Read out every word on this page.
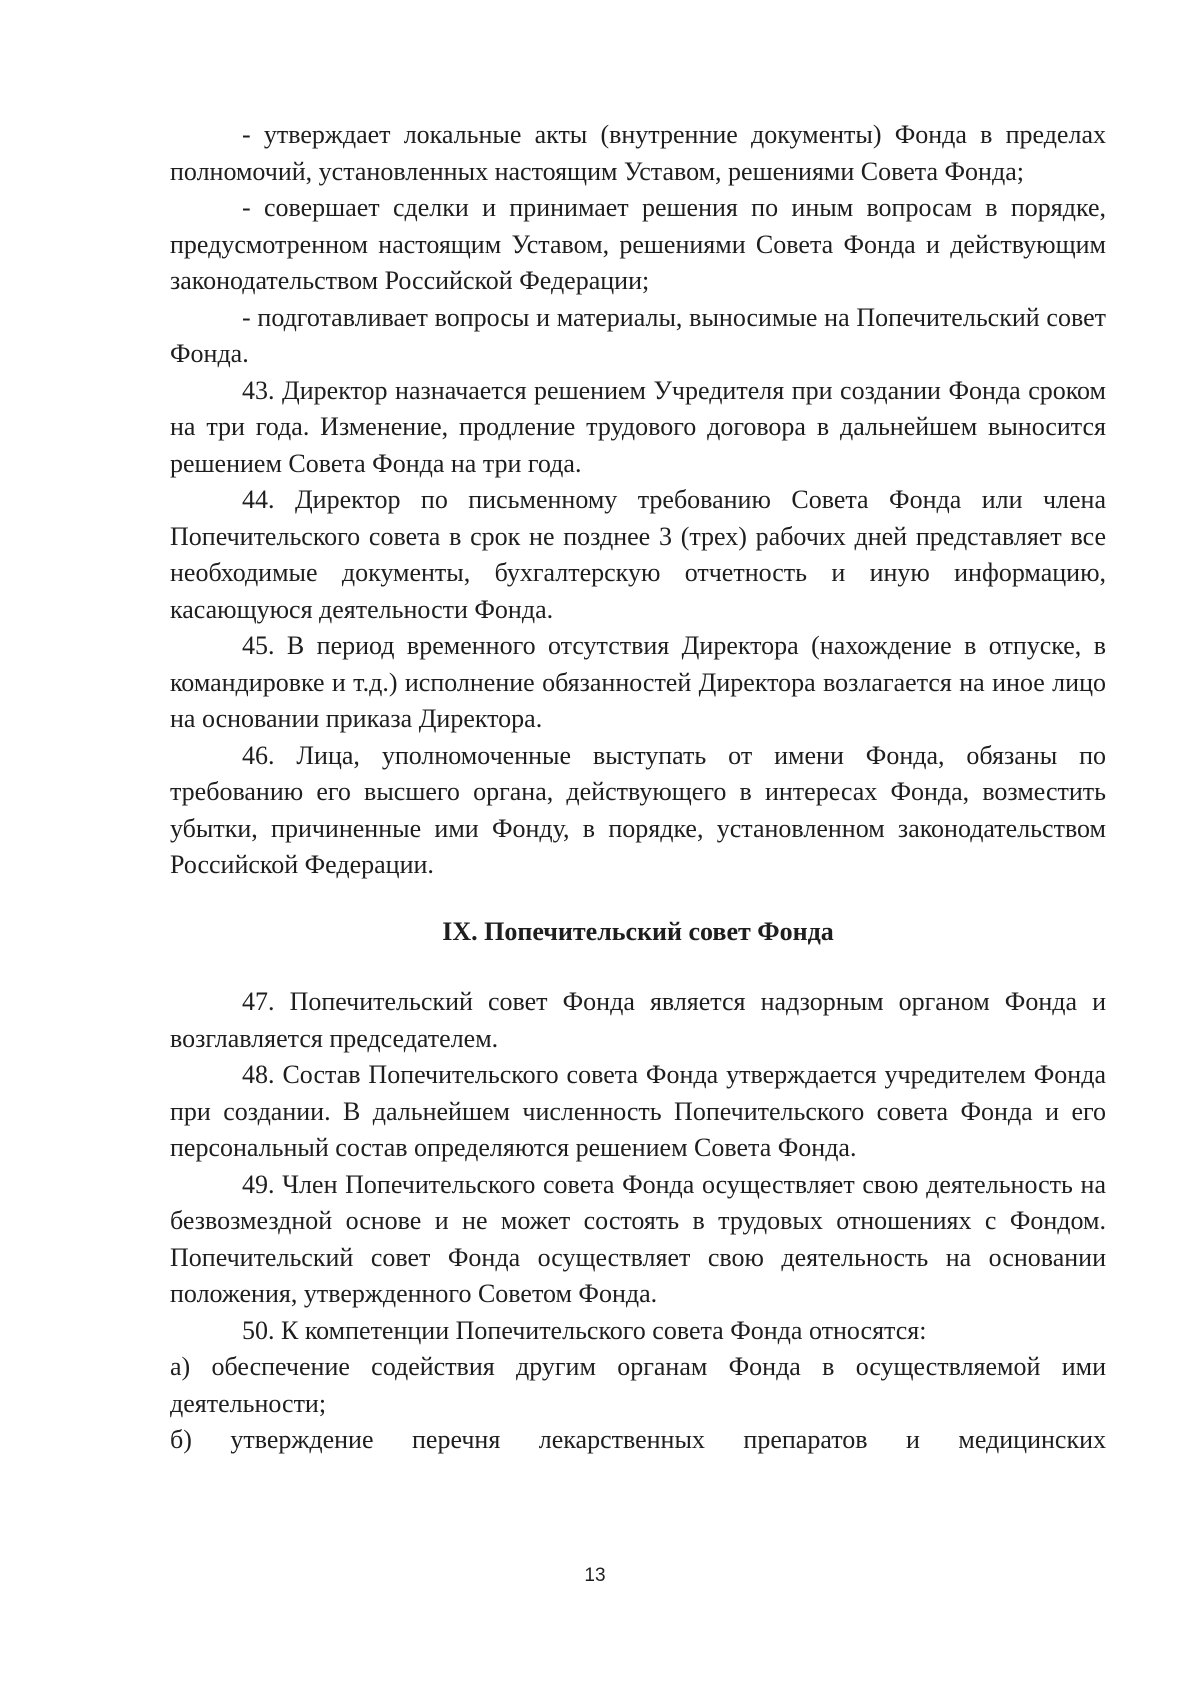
- утверждает локальные акты (внутренние документы) Фонда в пределах полномочий, установленных настоящим Уставом, решениями Совета Фонда;

- совершает сделки и принимает решения по иным вопросам в порядке, предусмотренном настоящим Уставом, решениями Совета Фонда и действующим законодательством Российской Федерации;

- подготавливает вопросы и материалы, выносимые на Попечительский совет Фонда.

43. Директор назначается решением Учредителя при создании Фонда сроком на три года. Изменение, продление трудового договора в дальнейшем выносится решением Совета Фонда на три года.

44. Директор по письменному требованию Совета Фонда или члена Попечительского совета в срок не позднее 3 (трех) рабочих дней представляет все необходимые документы, бухгалтерскую отчетность и иную информацию, касающуюся деятельности Фонда.

45. В период временного отсутствия Директора (нахождение в отпуске, в командировке и т.д.) исполнение обязанностей Директора возлагается на иное лицо на основании приказа Директора.

46. Лица, уполномоченные выступать от имени Фонда, обязаны по требованию его высшего органа, действующего в интересах Фонда, возместить убытки, причиненные ими Фонду, в порядке, установленном законодательством Российской Федерации.

IX. Попечительский совет Фонда

47. Попечительский совет Фонда является надзорным органом Фонда и возглавляется председателем.

48. Состав Попечительского совета Фонда утверждается учредителем Фонда при создании. В дальнейшем численность Попечительского совета Фонда и его персональный состав определяются решением Совета Фонда.

49. Член Попечительского совета Фонда осуществляет свою деятельность на безвозмездной основе и не может состоять в трудовых отношениях с Фондом. Попечительский совет Фонда осуществляет свою деятельность на основании положения, утвержденного Советом Фонда.

50. К компетенции Попечительского совета Фонда относятся:

а) обеспечение содействия другим органам Фонда в осуществляемой ими деятельности;

б) утверждение перечня лекарственных препаратов и медицинских

13
